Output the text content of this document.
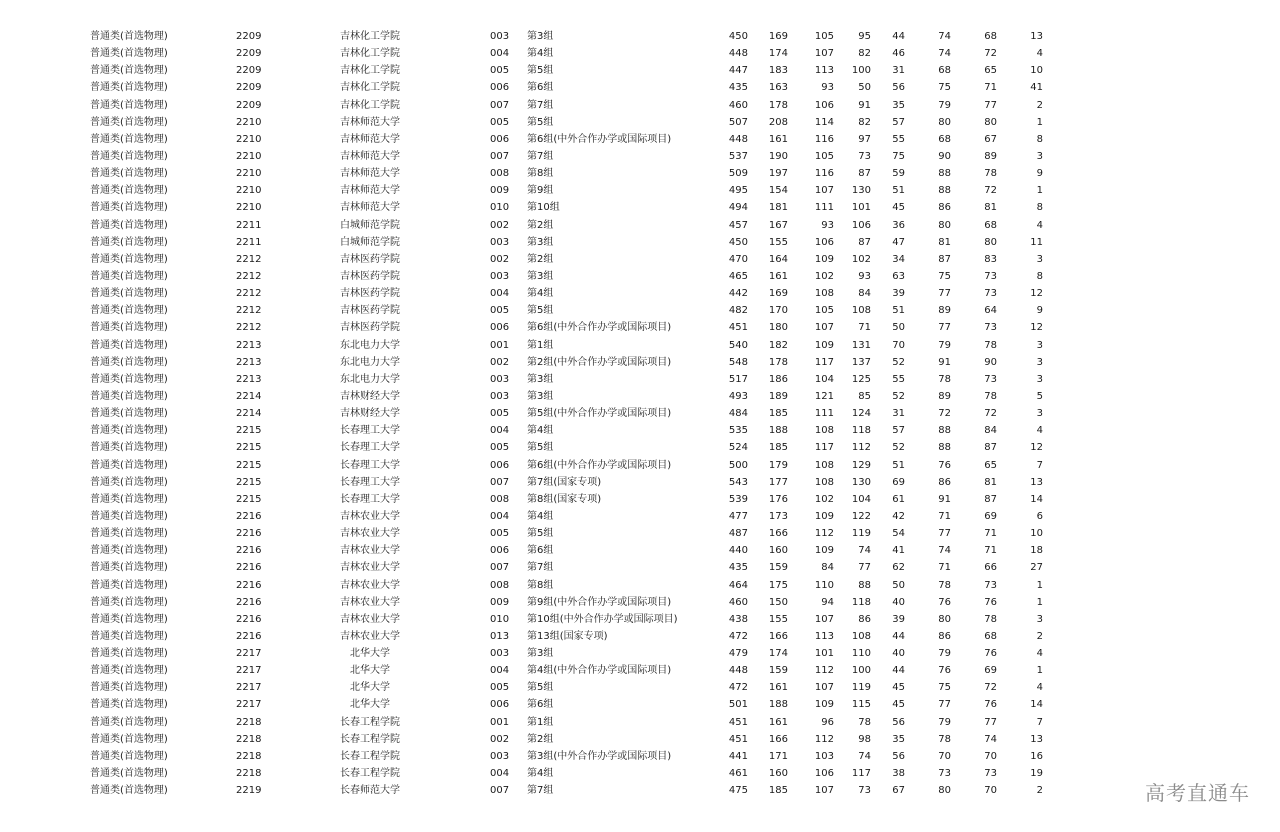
普通类(首选物理)	2209	吉林化工学院	003 第3组	450	169	105	95	44	74	68	13
普通类(首选物理)	2209	吉林化工学院	004 第4组	448	174	107	82	46	74	72	4
普通类(首选物理)	2209	吉林化工学院	005 第5组	447	183	113	100	31	68	65	10
普通类(首选物理)	2209	吉林化工学院	006 第6组	435	163	93	50	56	75	71	41
普通类(首选物理)	2209	吉林化工学院	007 第7组	460	178	106	91	35	79	77	2
普通类(首选物理)	2210	吉林师范大学	005 第5组	507	208	114	82	57	80	80	1
普通类(首选物理)	2210	吉林师范大学	006 第6组(中外合作办学或国际项目)	448	161	116	97	55	68	67	8
普通类(首选物理)	2210	吉林师范大学	007 第7组	537	190	105	73	75	90	89	3
普通类(首选物理)	2210	吉林师范大学	008 第8组	509	197	116	87	59	88	78	9
普通类(首选物理)	2210	吉林师范大学	009 第9组	495	154	107	130	51	88	72	1
普通类(首选物理)	2210	吉林师范大学	010 第10组	494	181	111	101	45	86	81	8
普通类(首选物理)	2211	白城师范学院	002 第2组	457	167	93	106	36	80	68	4
普通类(首选物理)	2211	白城师范学院	003 第3组	450	155	106	87	47	81	80	11
普通类(首选物理)	2212	吉林医药学院	002 第2组	470	164	109	102	34	87	83	3
普通类(首选物理)	2212	吉林医药学院	003 第3组	465	161	102	93	63	75	73	8
普通类(首选物理)	2212	吉林医药学院	004 第4组	442	169	108	84	39	77	73	12
普通类(首选物理)	2212	吉林医药学院	005 第5组	482	170	105	108	51	89	64	9
普通类(首选物理)	2212	吉林医药学院	006 第6组(中外合作办学或国际项目)	451	180	107	71	50	77	73	12
普通类(首选物理)	2213	东北电力大学	001 第1组	540	182	109	131	70	79	78	3
普通类(首选物理)	2213	东北电力大学	002 第2组(中外合作办学或国际项目)	548	178	117	137	52	91	90	3
普通类(首选物理)	2213	东北电力大学	003 第3组	517	186	104	125	55	78	73	3
普通类(首选物理)	2214	吉林财经大学	003 第3组	493	189	121	85	52	89	78	5
普通类(首选物理)	2214	吉林财经大学	005 第5组(中外合作办学或国际项目)	484	185	111	124	31	72	72	3
普通类(首选物理)	2215	长春理工大学	004 第4组	535	188	108	118	57	88	84	4
普通类(首选物理)	2215	长春理工大学	005 第5组	524	185	117	112	52	88	87	12
普通类(首选物理)	2215	长春理工大学	006 第6组(中外合作办学或国际项目)	500	179	108	129	51	76	65	7
普通类(首选物理)	2215	长春理工大学	007 第7组(国家专项)	543	177	108	130	69	86	81	13
普通类(首选物理)	2215	长春理工大学	008 第8组(国家专项)	539	176	102	104	61	91	87	14
普通类(首选物理)	2216	吉林农业大学	004 第4组	477	173	109	122	42	71	69	6
普通类(首选物理)	2216	吉林农业大学	005 第5组	487	166	112	119	54	77	71	10
普通类(首选物理)	2216	吉林农业大学	006 第6组	440	160	109	74	41	74	71	18
普通类(首选物理)	2216	吉林农业大学	007 第7组	435	159	84	77	62	71	66	27
普通类(首选物理)	2216	吉林农业大学	008 第8组	464	175	110	88	50	78	73	1
普通类(首选物理)	2216	吉林农业大学	009 第9组(中外合作办学或国际项目)	460	150	94	118	40	76	76	1
普通类(首选物理)	2216	吉林农业大学	010 第10组(中外合作办学或国际项目)	438	155	107	86	39	80	78	3
普通类(首选物理)	2216	吉林农业大学	013 第13组(国家专项)	472	166	113	108	44	86	68	2
普通类(首选物理)	2217	北华大学	003 第3组	479	174	101	110	40	79	76	4
普通类(首选物理)	2217	北华大学	004 第4组(中外合作办学或国际项目)	448	159	112	100	44	76	69	1
普通类(首选物理)	2217	北华大学	005 第5组	472	161	107	119	45	75	72	4
普通类(首选物理)	2217	北华大学	006 第6组	501	188	109	115	45	77	76	14
普通类(首选物理)	2218	长春工程学院	001 第1组	451	161	96	78	56	79	77	7
普通类(首选物理)	2218	长春工程学院	002 第2组	451	166	112	98	35	78	74	13
普通类(首选物理)	2218	长春工程学院	003 第3组(中外合作办学或国际项目)	441	171	103	74	56	70	70	16
普通类(首选物理)	2218	长春工程学院	004 第4组	461	160	106	117	38	73	73	19
普通类(首选物理)	2219	长春师范大学	007 第7组	475	185	107	73	67	80	70	2	高考直通车
